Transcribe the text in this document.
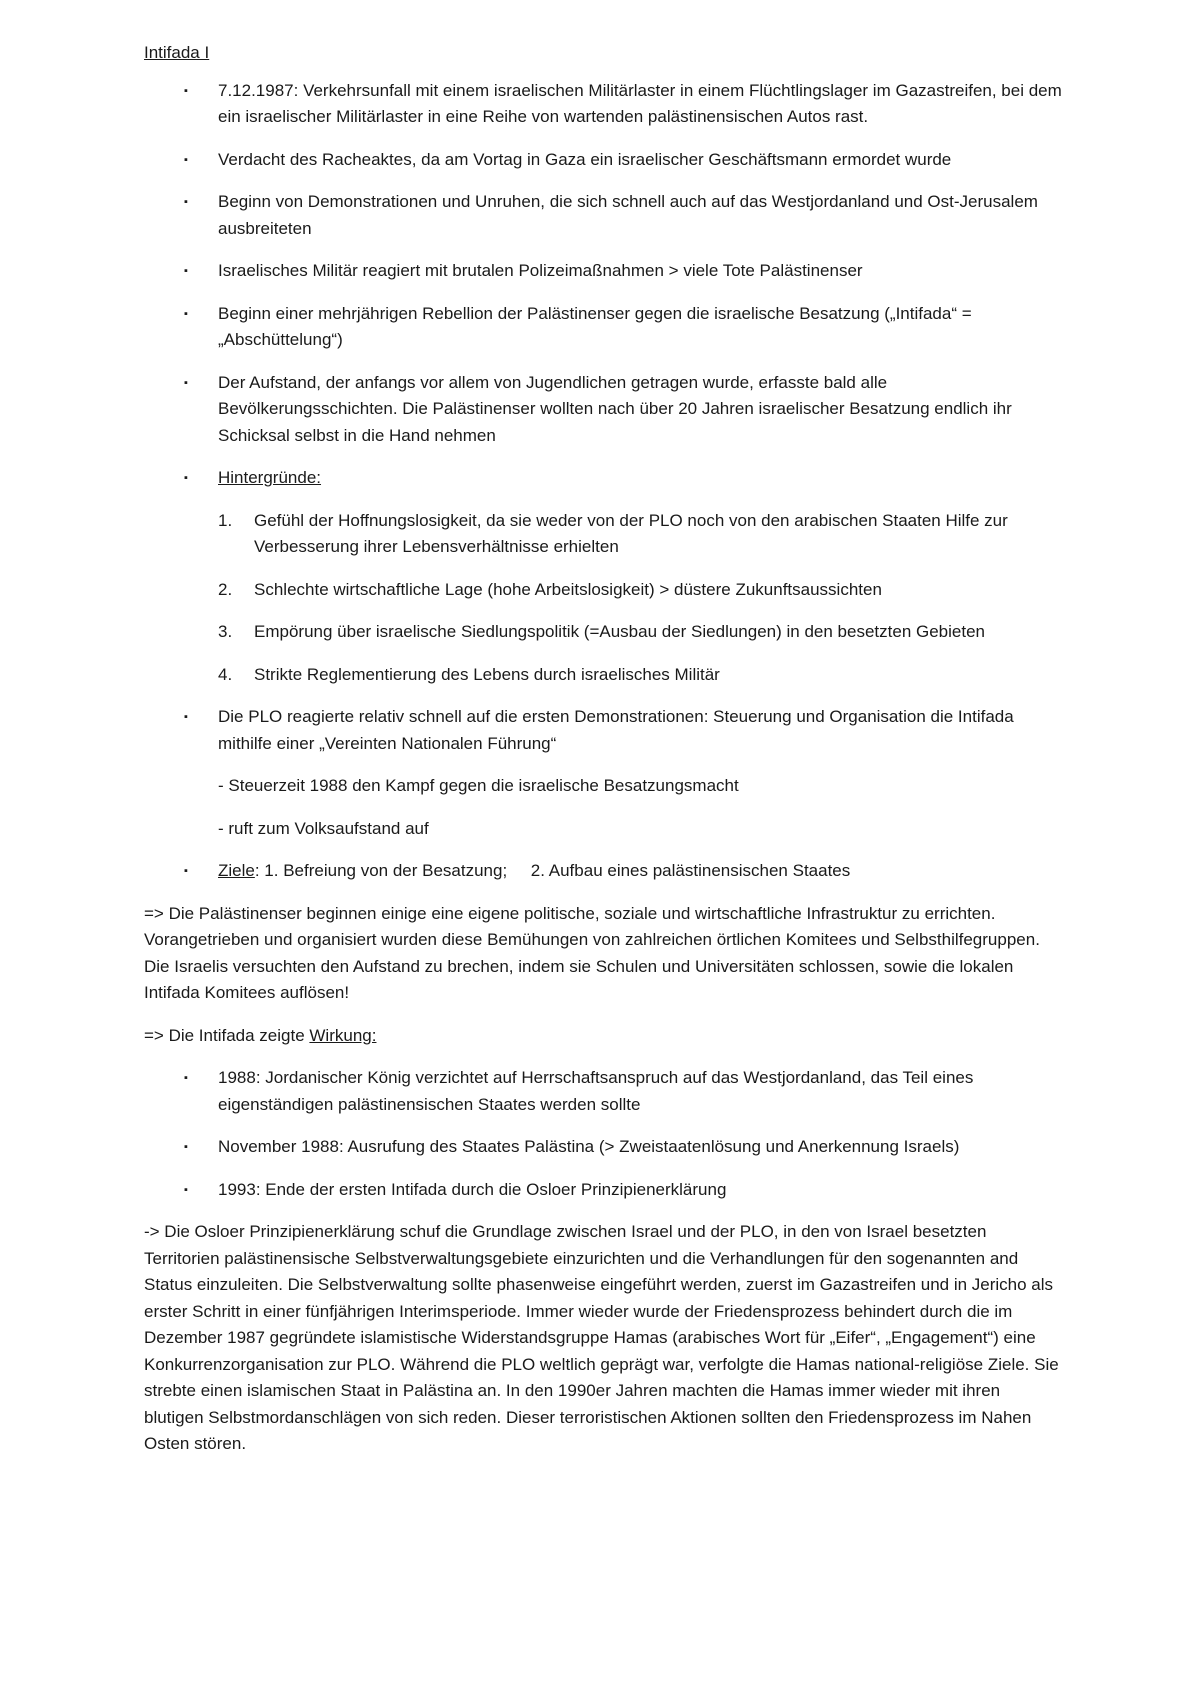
Intifada I
▪ 7.12.1987: Verkehrsunfall mit einem israelischen Militärlaster in einem Flüchtlingslager im Gazastreifen, bei dem ein israelischer Militärlaster in eine Reihe von wartenden palästinensischen Autos rast.
▪ Verdacht des Racheaktes, da am Vortag in Gaza ein israelischer Geschäftsmann ermordet wurde
▪ Beginn von Demonstrationen und Unruhen, die sich schnell auch auf das Westjordanland und Ost-Jerusalem ausbreiteten
▪ Israelisches Militär reagiert mit brutalen Polizeimaßnahmen > viele Tote Palästinenser
▪ Beginn einer mehrjährigen Rebellion der Palästinenser gegen die israelische Besatzung („Intifada“ = „Abschüttelung“)
▪ Der Aufstand, der anfangs vor allem von Jugendlichen getragen wurde, erfasste bald alle Bevölkerungsschichten. Die Palästinenser wollten nach über 20 Jahren israelischer Besatzung endlich ihr Schicksal selbst in die Hand nehmen
▪ Hintergründe:
1. Gefühl der Hoffnungslosigkeit, da sie weder von der PLO noch von den arabischen Staaten Hilfe zur Verbesserung ihrer Lebensverhältnisse erhielten
2. Schlechte wirtschaftliche Lage (hohe Arbeitslosigkeit) > düstere Zukunftsaussichten
3. Empörung über israelische Siedlungspolitik (=Ausbau der Siedlungen) in den besetzten Gebieten
4. Strikte Reglementierung des Lebens durch israelisches Militär
▪ Die PLO reagierte relativ schnell auf die ersten Demonstrationen: Steuerung und Organisation die Intifada mithilfe einer „Vereinten Nationalen Führung“
- Steuerzeit 1988 den Kampf gegen die israelische Besatzungsmacht
- ruft zum Volksaufstand auf
▪ Ziele: 1. Befreiung von der Besatzung;     2. Aufbau eines palästinensischen Staates

=> Die Palästinenser beginnen einige eine eigene politische, soziale und wirtschaftliche Infrastruktur zu errichten. Vorangetrieben und organisiert wurden diese Bemühungen von zahlreichen örtlichen Komitees und Selbsthilfegruppen. Die Israelis versuchten den Aufstand zu brechen, indem sie Schulen und Universitäten schlossen, sowie die lokalen Intifada Komitees auflösen!

=> Die Intifada zeigte Wirkung:

▪ 1988: Jordanischer König verzichtet auf Herrschaftsanspruch auf das Westjordanland, das Teil eines eigenständigen palästinensischen Staates werden sollte
▪ November 1988: Ausrufung des Staates Palästina (> Zweistaatenlösung und Anerkennung Israels)
▪ 1993: Ende der ersten Intifada durch die Osloer Prinzipienerklärung

-> Die Osloer Prinzipienerklärung schuf die Grundlage zwischen Israel und der PLO, in den von Israel besetzten Territorien palästinensische Selbstverwaltungsgebiete einzurichten und die Verhandlungen für den sogenannten and Status einzuleiten. Die Selbstverwaltung sollte phasenweise eingeführt werden, zuerst im Gazastreifen und in Jericho als erster Schritt in einer fünfjährigen Interimsperiode. Immer wieder wurde der Friedensprozess behindert durch die im Dezember 1987 gegründete islamistische Widerstandsgruppe Hamas (arabisches Wort für „Eifer“, „Engagement“) eine Konkurrenzorganisation zur PLO. Während die PLO weltlich geprägt war, verfolgte die Hamas national-religiöse Ziele. Sie strebte einen islamischen Staat in Palästina an. In den 1990er Jahren machten die Hamas immer wieder mit ihren blutigen Selbstmordanschlägen von sich reden. Dieser terroristischen Aktionen sollten den Friedensprozess im Nahen Osten stören.
